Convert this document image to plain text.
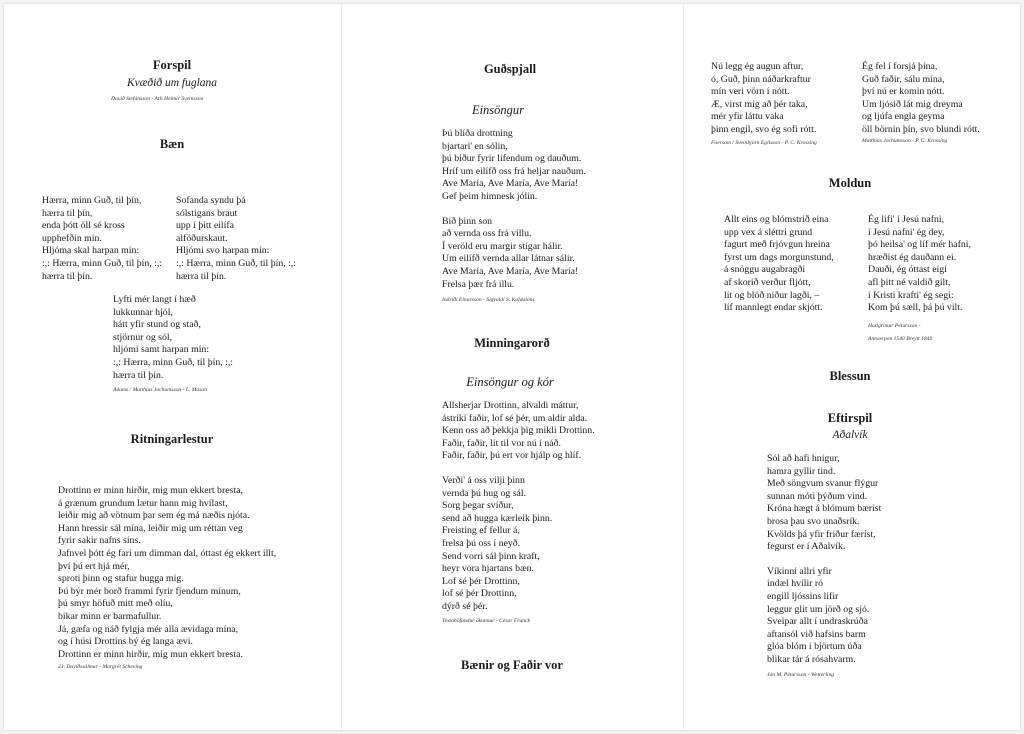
Forspil
Kvæðið um fuglana
Davíð Stefánsson - Atli Heimir Sveinsson
Bæn
Hærra, minn Guð, til þín,
hærra til þín,
enda þótt öll sé kross
upphefðin mín.
Hljóma skal harpan mín:
:,: Hærra, minn Guð, til þín, :,:
hærra til þín.
Sofanda syndu þá
sólstigans braut
upp í þitt eilífa
alföðurskaut.
Hljómi svo harpan mín:
:,: Hærra, minn Guð, til þín, :,:
hærra til þín.
Lyfti mér langt í hæð
lukkunnar hjól,
hátt yfir stund og stað,
stjörnur og sól,
hljómi samt harpan mín:
:,: Hærra, minn Guð, til þín, :,:
hærra til þín.
Adams / Matthías Jochumsson - L. Mason
Ritningarlestur
Drottinn er minn hirðir, mig mun ekkert bresta,
á grænum grundum lætur hann mig hvílast,
leiðir mig að vötnum þar sem ég má næðis njóta.
Hann hressir sál mína, leiðir mig um réttan veg
fyrir sakir nafns síns.
Jafnvel þótt ég fari um dimman dal, óttast ég ekkert illt,
því þú ert hjá mér,
sproti þinn og stafur hugga mig.
Þú býr mér borð frammi fyrir fjendum mínum,
þú smyr höfuð mitt með olíu,
bikar minn er barmafullur.
Já, gæfa og náð fylgja mér alla ævidaga mína,
og í húsi Drottins bý ég langa ævi.
Drottinn er minn hirðir, mig mun ekkert bresta.
23. Davíðssálmur - Margrét Scheving
Guðspjall
Einsöngur
Þú blíða drottning
bjartari' en sólin,
þú biður fyrir lifendum og dauðum.
Hríf um eilífð oss frá heljar nauðum.
Ave María, Ave María, Ave María!
Gef þeim himnesk jólin.
Bið þinn son
að vernda oss frá villu.
Í veröld eru margir stígar hálir.
Um eilífð vernda allar látnar sálir.
Ave María, Ave María, Ave María!
Frelsa þær frá illu.
Indriði Einarsson - Sigvaldi S. Kaldalóns
Minningarorð
Einsöngur og kór
Allsherjar Drottinn, alvaldi máttur,
ástríki faðir, lof sé þér, um aldir alda.
Kenn oss að þekkja þig mikli Drottinn.
Faðir, faðir, lít til vor nú í náð.
Faðir, faðir, þú ert vor hjálp og hlíf.
Verði' á oss vilji þinn
vernda þú hug og sál.
Sorg þegar svíður,
send að hugga kærleik þinn.
Freisting ef fellur á,
frelsa þú oss í neyð.
Send vorri sál þinn kraft,
heyr vora hjartans bæn.
Lof sé þér Drottinn,
lof sé þér Drottinn,
dýrð sé þér.
Textahöfundur ókunnur - César Franck
Bænir og Faðir vor
Nú legg ég augun aftur,
ó, Guð, þinn náðarkraftur
mín veri vörn í nótt.
Æ, virst mig að þér taka,
mér yfir láttu vaka
þinn engil, svo ég sofi rótt.
Foersom / Sveinbjörn Egilsson - P. C. Krossing
Ég fel í forsjá þína,
Guð faðir, sálu mína,
því nú er komin nótt.
Um ljósið lát mig dreyma
og ljúfa engla geyma
öll börnin þín, svo blundi rótt.
Matthías Jochumsson - P. C. Krossing
Moldun
Allt eins og blómstrið eina
upp vex á sléttri grund
fagurt með frjóvgun hreina
fyrst um dags morgunstund,
á snöggu augabragði
af skorið verður fljótt,
lit og blöð niður lagði, –
líf mannlegt endar skjótt.
Ég lifi' í Jesú nafni,
í Jesú nafni' ég dey,
þó heilsa' og líf mér hafni,
hræðist ég dauðann ei.
Dauði, ég óttast eigi
afl þitt né valdið gilt,
í Kristi krafti' ég segi:
Kom þú sæll, þá þú vilt.
Hallgrímur Pétursson -
Antwerpen 1540 Breytt 1840
Blessun
Eftirspil
Aðalvík
Sól að hafi hnígur,
hamra gyllir tind.
Með söngvum svanur flýgur
sunnan móti þýðum vind.
Króna hægt á blómum bærist
brosa þau svo unaðsrík.
Kvölds þá yfir friður færist,
fegurst er í Aðalvík.
Víkinni allri yfir
indæl hvílir ró
engill ljóssins lifir
leggur glit um jörð og sjó.
Sveipar allt í undraskrúða
aftansól við hafsins barm
glóa blóm í björtum úða
blikar tár á rósahvarm.
Jón M. Pétursson - Wetterling
